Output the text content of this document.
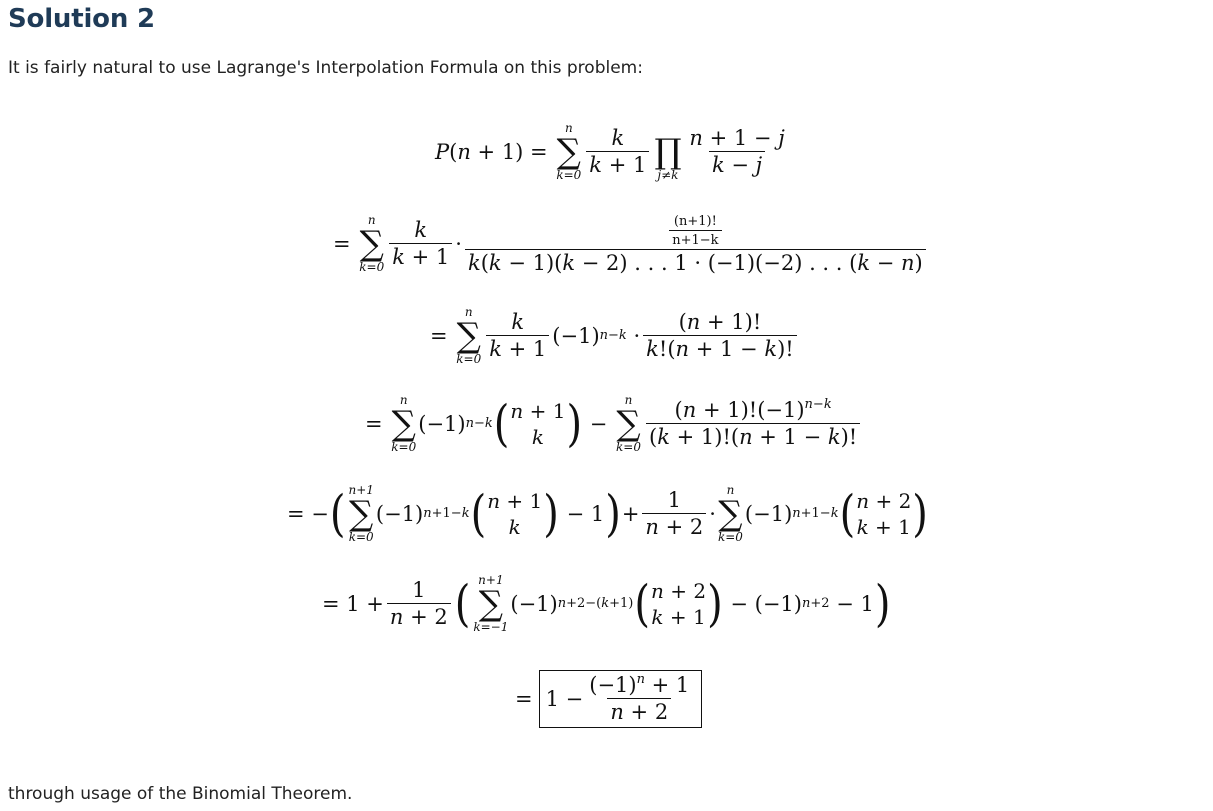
Solution 2

It is fairly natural to use Lagrange's Interpolation Formula on this problem:

P ( n + 1) =
n
∑
$k=0 \frac{k}{k + 1}$
∏
$j\ne k \frac{n + 1 - j}{k - j}$
=
n
∑
$k=0 \frac{k}{k + 1} \cdot \frac{\frac{(n+1)!}{n+1-k}}{k(k - 1)(k - 2) . . . 1 \cdot (-1)(-2) . . . (k - n)}$
=
n
∑
$k=0 \frac{k}{k + 1} (-1) n-k \cdot \frac{(n + 1)!}{k!(n + 1 - k)!}$
=
n
∑
k=0
(−1) n−k ( n + 1
k ) −
n
∑
$k=0 \frac{(n + 1)!(-1)^{n-k}}{(k + 1)!(n + 1 - k)!}$
= − ( n+1
∑
k=0
(−1) n+1−k ( n + 1
k ) − 1 ) + $\frac{1}{n + 2}$ ·
n
∑
k=0
(−1) n+1−k ( n + 2
k + 1 )
= $1 + \frac{1}{n + 2}$ ( n+1
∑
k=−1
(−1) n+2−(k+1) ( n + 2
k + 1 ) − (−1) n+2 − 1 )
= $1 - \frac{(-1)^n + 1}{n + 2}$

through usage of the Binomial Theorem.
